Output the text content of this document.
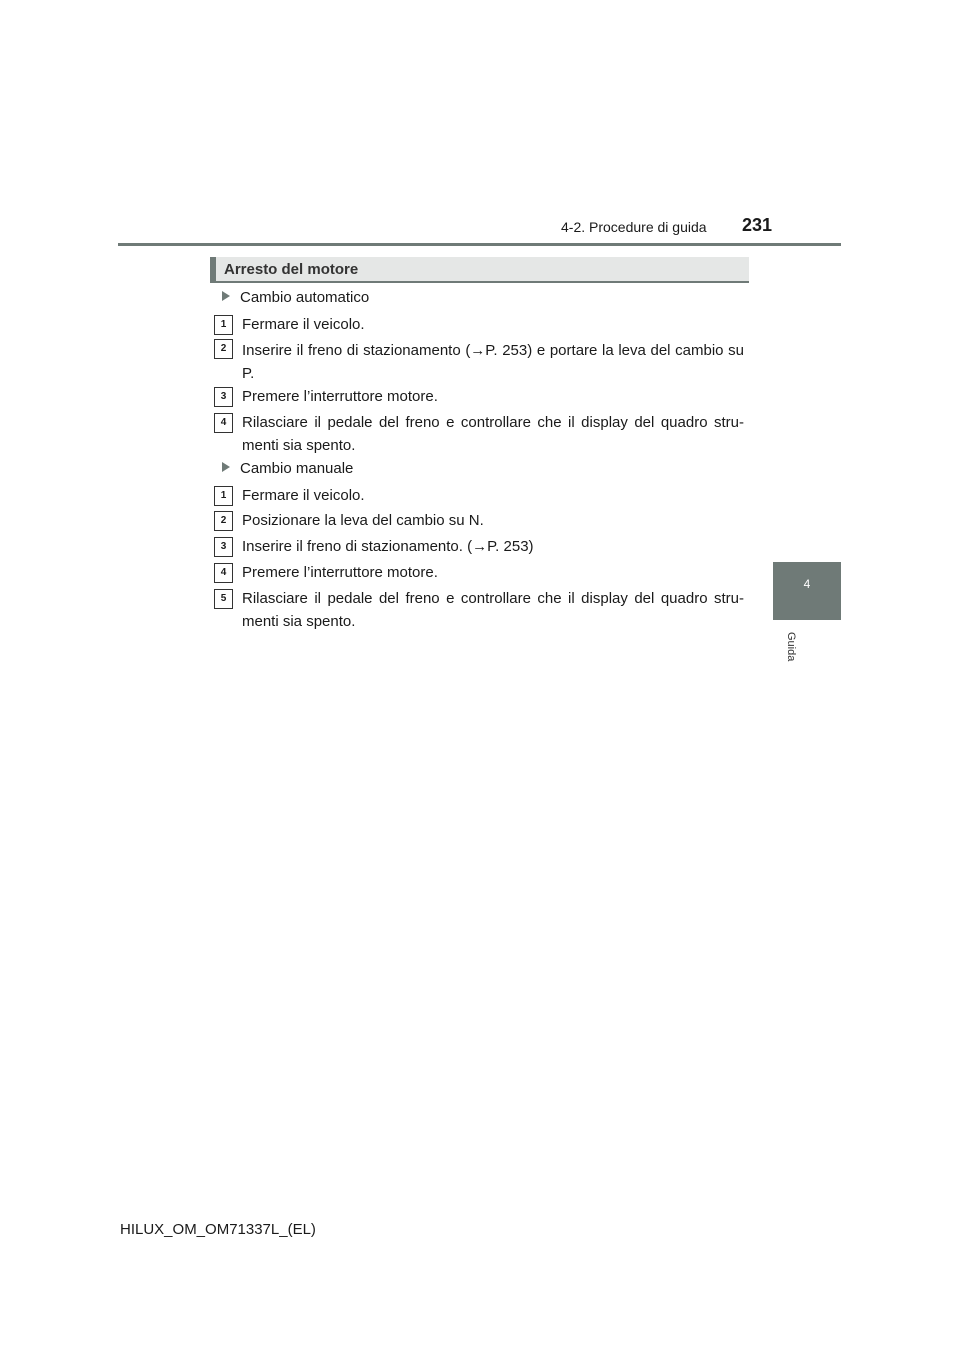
4-2. Procedure di guida 231
4
Guida
Arresto del motore
Cambio automatico
1	Fermare il veicolo.
2	Inserire il freno di stazionamento (→P. 253) e portare la leva del cambio su P.
3	Premere l’interruttore motore.
4	Rilasciare il pedale del freno e controllare che il display del quadro stru-menti sia spento.
Cambio manuale
1	Fermare il veicolo.
2	Posizionare la leva del cambio su N.
3	Inserire il freno di stazionamento. (→P. 253)
4	Premere l’interruttore motore.
5	Rilasciare il pedale del freno e controllare che il display del quadro stru-menti sia spento.
HILUX_OM_OM71337L_(EL)
